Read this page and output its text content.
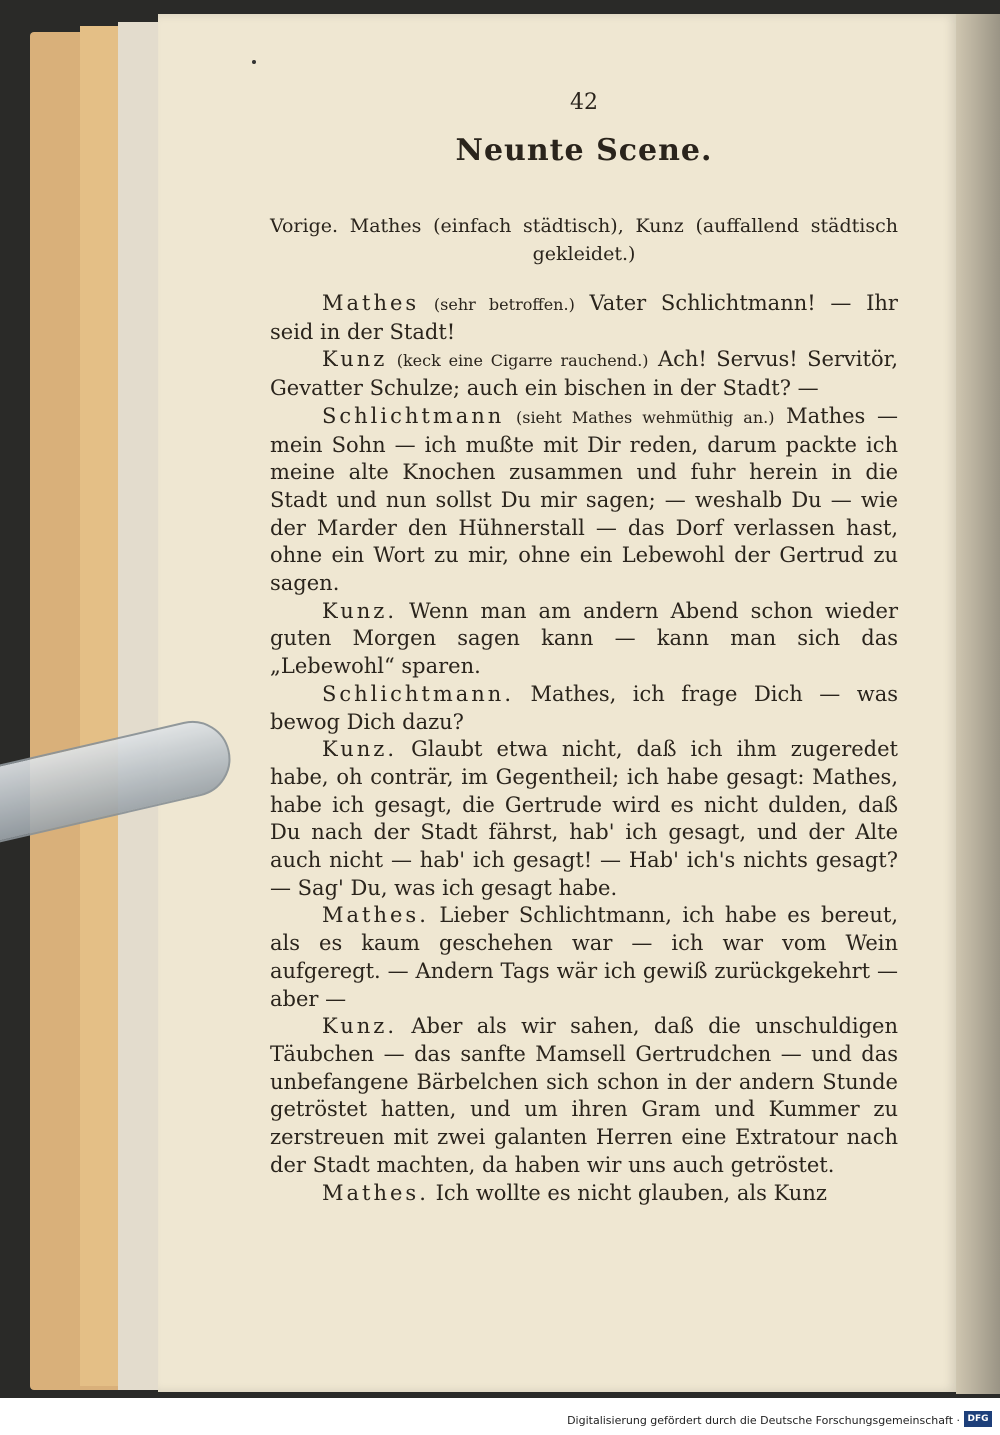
42
Neunte Scene.
Vorige. Mathes (einfach städtisch), Kunz (auffallend städtisch gekleidet.)

Mathes (sehr betroffen.) Vater Schlichtmann! — Ihr seid in der Stadt!

Kunz (keck eine Cigarre rauchend.) Ach! Servus! Servitör, Gevatter Schulze; auch ein bischen in der Stadt? —

Schlichtmann (sieht Mathes wehmüthig an.) Mathes — mein Sohn — ich mußte mit Dir reden, darum packte ich meine alte Knochen zusammen und fuhr herein in die Stadt und nun sollst Du mir sagen; — weshalb Du — wie der Marder den Hühnerstall — das Dorf verlassen hast, ohne ein Wort zu mir, ohne ein Lebewohl der Gertrud zu sagen.

Kunz. Wenn man am andern Abend schon wieder guten Morgen sagen kann — kann man sich das „Lebewohl“ sparen.

Schlichtmann. Mathes, ich frage Dich — was bewog Dich dazu?

Kunz. Glaubt etwa nicht, daß ich ihm zugeredet habe, oh conträr, im Gegentheil; ich habe gesagt: Mathes, habe ich gesagt, die Gertrude wird es nicht dulden, daß Du nach der Stadt fährst, hab' ich gesagt, und der Alte auch nicht — hab' ich gesagt! — Hab' ich's nichts gesagt? — Sag' Du, was ich gesagt habe.

Mathes. Lieber Schlichtmann, ich habe es bereut, als es kaum geschehen war — ich war vom Wein aufgeregt. — Andern Tags wär ich gewiß zurückgekehrt — aber —

Kunz. Aber als wir sahen, daß die unschuldigen Täubchen — das sanfte Mamsell Gertrudchen — und das unbefangene Bärbelchen sich schon in der andern Stunde getröstet hatten, und um ihren Gram und Kummer zu zerstreuen mit zwei galanten Herren eine Extratour nach der Stadt machten, da haben wir uns auch getröstet.

Mathes. Ich wollte es nicht glauben, als Kunz

Digitalisierung gefördert durch die Deutsche Forschungsgemeinschaft · DFG
